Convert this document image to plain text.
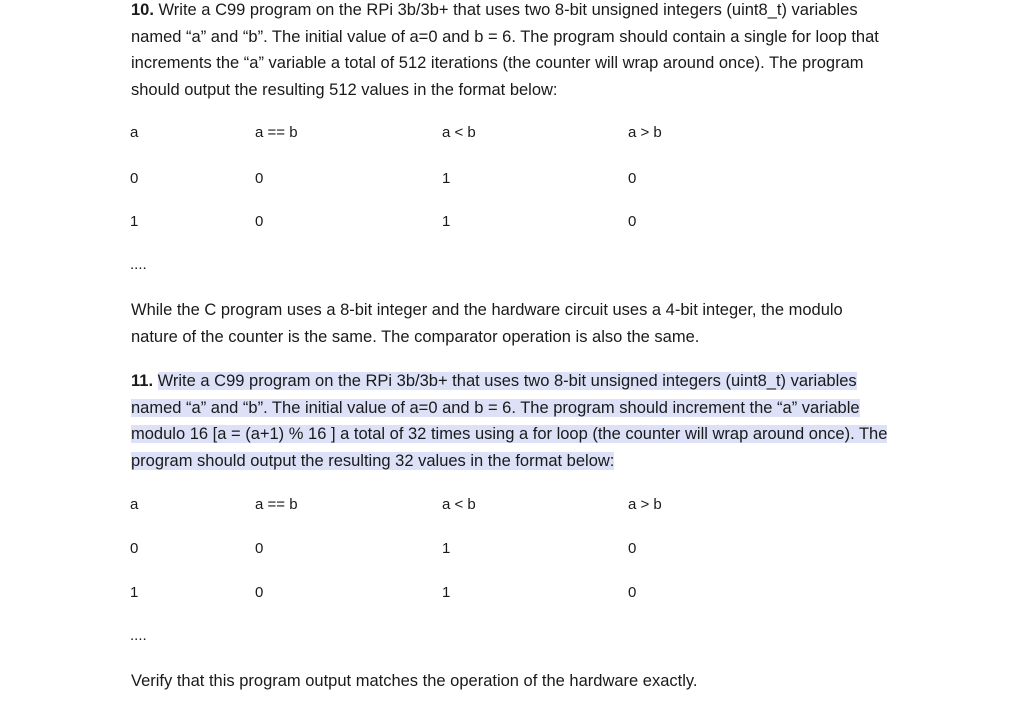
10. Write a C99 program on the RPi 3b/3b+ that uses two 8-bit unsigned integers (uint8_t) variables
named “a” and “b”. The initial value of a=0 and b = 6. The program should contain a single for loop that
increments the “a” variable a total of 512 iterations (the counter will wrap around once). The program
should output the resulting 512 values in the format below:
a	a == b	a < b	a > b
0	0	1	0
1	0	1	0
....
While the C program uses a 8-bit integer and the hardware circuit uses a 4-bit integer, the modulo
nature of the counter is the same. The comparator operation is also the same.
11. Write a C99 program on the RPi 3b/3b+ that uses two 8-bit unsigned integers (uint8_t) variables
named “a” and “b”. The initial value of a=0 and b = 6. The program should increment the “a” variable
modulo 16 [a = (a+1) % 16 ] a total of 32 times using a for loop (the counter will wrap around once). The
program should output the resulting 32 values in the format below:
a	a == b	a < b	a > b
0	0	1	0
1	0	1	0
....
Verify that this program output matches the operation of the hardware exactly.
